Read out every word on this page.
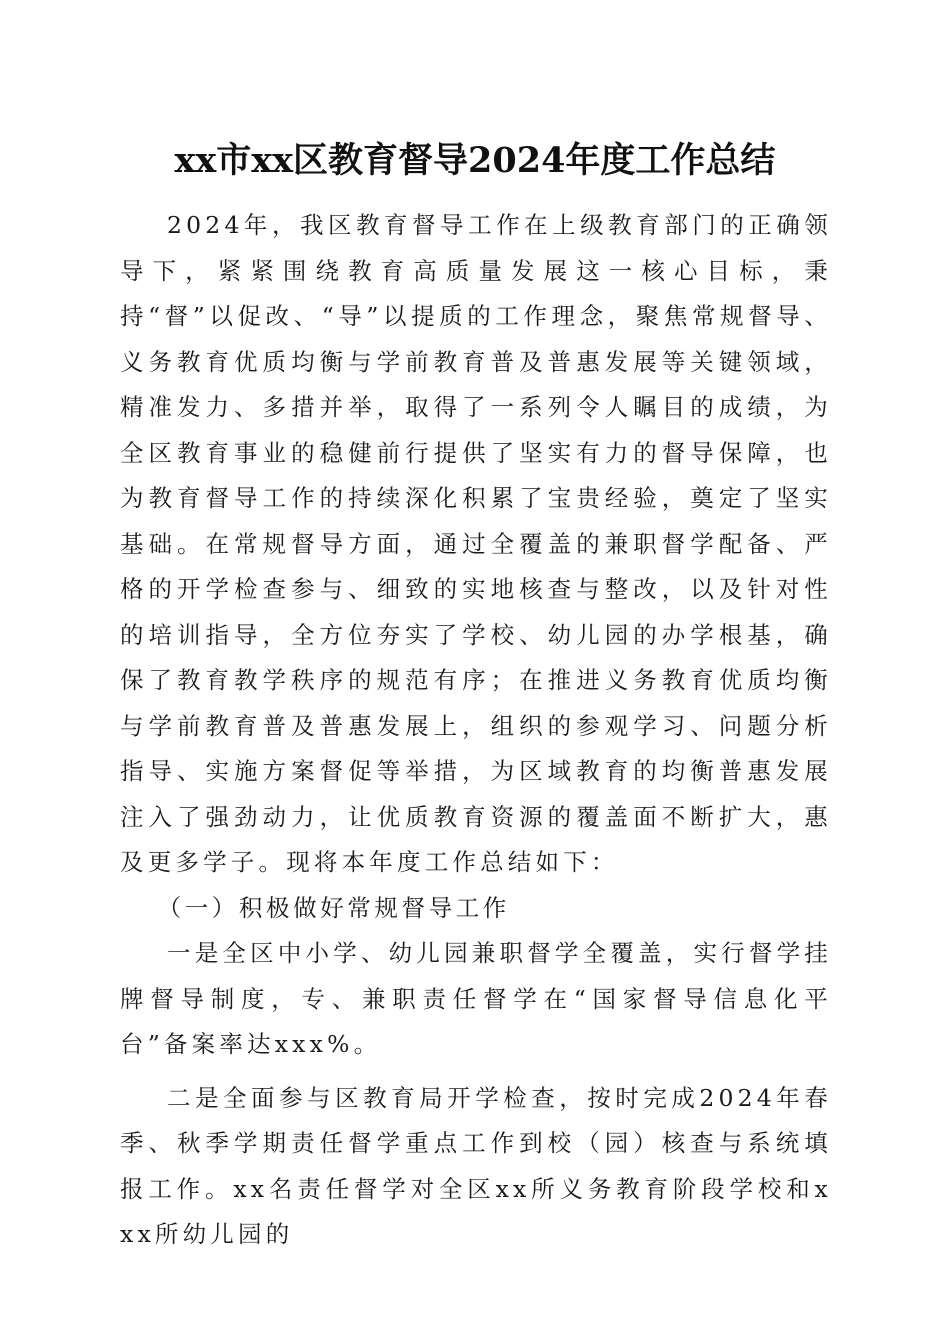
xx市xx区教育督导2024年度工作总结

2024年，我区教育督导工作在上级教育部门的正确领导下，紧紧围绕教育高质量发展这一核心目标，秉持“督”以促改、“导”以提质的工作理念，聚焦常规督导、义务教育优质均衡与学前教育普及普惠发展等关键领域，精准发力、多措并举，取得了一系列令人瞩目的成绩，为全区教育事业的稳健前行提供了坚实有力的督导保障，也为教育督导工作的持续深化积累了宝贵经验，奠定了坚实基础。在常规督导方面，通过全覆盖的兼职督学配备、严格的开学检查参与、细致的实地核查与整改，以及针对性的培训指导，全方位夯实了学校、幼儿园的办学根基，确保了教育教学秩序的规范有序；在推进义务教育优质均衡与学前教育普及普惠发展上，组织的参观学习、问题分析指导、实施方案督促等举措，为区域教育的均衡普惠发展注入了强劲动力，让优质教育资源的覆盖面不断扩大，惠及更多学子。现将本年度工作总结如下：

（一）积极做好常规督导工作

一是全区中小学、幼儿园兼职督学全覆盖，实行督学挂牌督导制度，专、兼职责任督学在“国家督导信息化平台”备案率达xxx%。

二是全面参与区教育局开学检查，按时完成2024年春季、秋季学期责任督学重点工作到校（园）核查与系统填报工作。xx名责任督学对全区xx所义务教育阶段学校和xxx所幼儿园的
